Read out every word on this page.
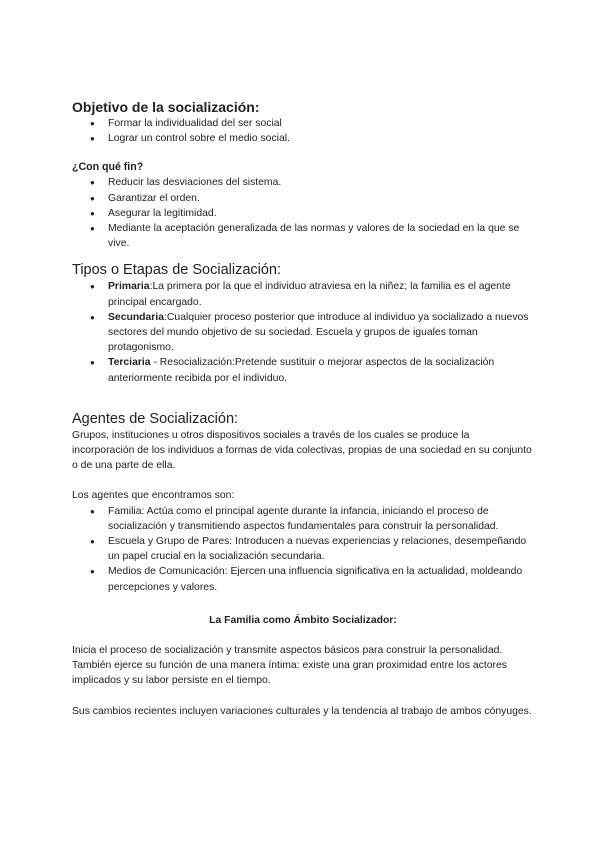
Objetivo de la socialización:
● Formar la individualidad del ser social
● Lograr un control sobre el medio social.
¿Con qué fin?
● Reducir las desviaciones del sistema.
● Garantizar el orden.
● Asegurar la legitimidad.
● Mediante la aceptación generalizada de las normas y valores de la sociedad en la que se vive.
Tipos o Etapas de Socialización:
● Primaria:La primera por la que el individuo atraviesa en la niñez; la familia es el agente principal encargado.
● Secundaria:Cualquier proceso posterior que introduce al individuo ya socializado a nuevos sectores del mundo objetivo de su sociedad. Escuela y grupos de iguales toman protagonismo.
● Terciaria - Resocialización:Pretende sustituir o mejorar aspectos de la socialización anteriormente recibida por el individuo.
Agentes de Socialización:

Grupos, instituciones u otros dispositivos sociales a través de los cuales se produce la incorporación de los individuos a formas de vida colectivas, propias de una sociedad en su conjunto o de una parte de ella.

Los agentes que encontramos son:

● Familia: Actúa como el principal agente durante la infancia, iniciando el proceso de socialización y transmitiendo aspectos fundamentales para construir la personalidad.
● Escuela y Grupo de Pares: Introducen a nuevas experiencias y relaciones, desempeñando un papel crucial en la socialización secundaria.
● Medios de Comunicación: Ejercen una influencia significativa en la actualidad, moldeando percepciones y valores.

La Familia como Ámbito Socializador:

Inicia el proceso de socialización y transmite aspectos básicos para construir la personalidad. También ejerce su función de una manera íntima: existe una gran proximidad entre los actores implicados y su labor persiste en el tiempo.

Sus cambios recientes incluyen variaciones culturales y la tendencia al trabajo de ambos cónyuges.
